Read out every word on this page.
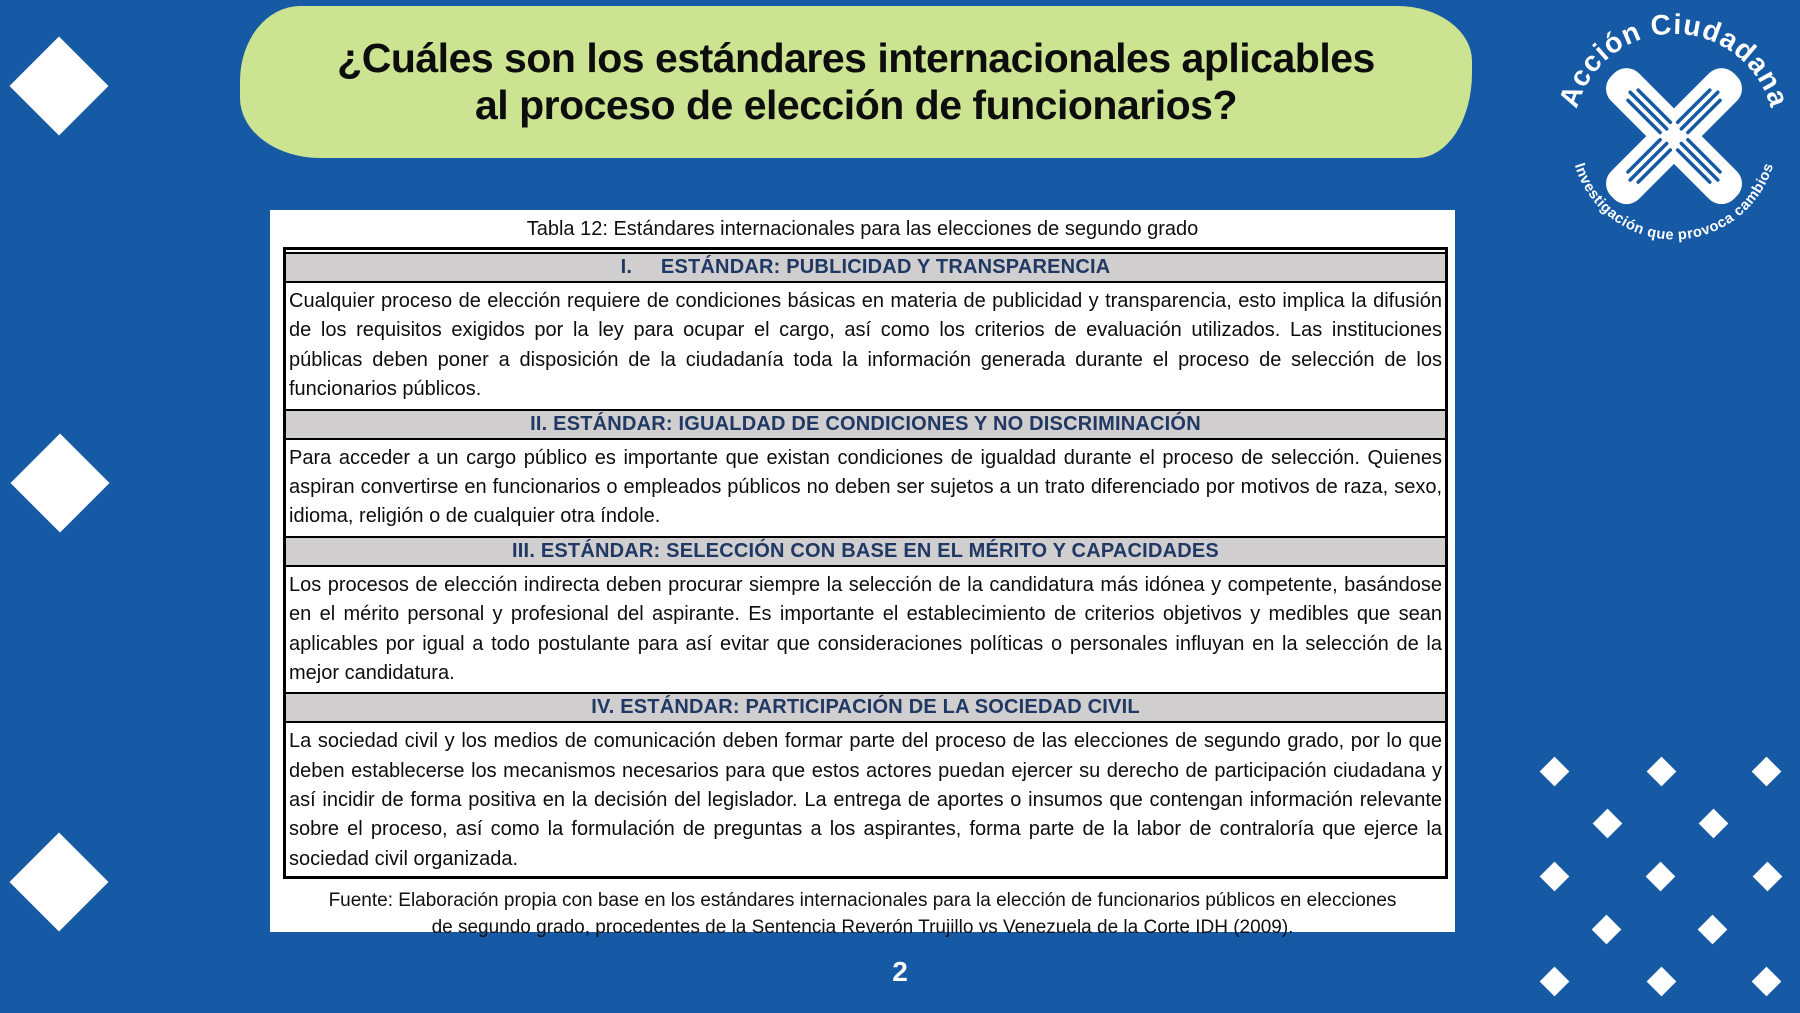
¿Cuáles son los estándares internacionales aplicables
al proceso de elección de funcionarios?	Acción Ciudadana
Investigación que provoca cambios
Tabla 12: Estándares internacionales para las elecciones de segundo grado
I.     ESTÁNDAR: PUBLICIDAD Y TRANSPARENCIA
Cualquier proceso de elección requiere de condiciones básicas en materia de publicidad y transparencia, esto implica la difusión de los requisitos exigidos por la ley para ocupar el cargo, así como los criterios de evaluación utilizados. Las instituciones públicas deben poner a disposición de la ciudadanía toda la información generada durante el proceso de selección de los funcionarios públicos.
II. ESTÁNDAR: IGUALDAD DE CONDICIONES Y NO DISCRIMINACIÓN
Para acceder a un cargo público es importante que existan condiciones de igualdad durante el proceso de selección. Quienes aspiran convertirse en funcionarios o empleados públicos no deben ser sujetos a un trato diferenciado por motivos de raza, sexo, idioma, religión o de cualquier otra índole.
III. ESTÁNDAR: SELECCIÓN CON BASE EN EL MÉRITO Y CAPACIDADES
Los procesos de elección indirecta deben procurar siempre la selección de la candidatura más idónea y competente, basándose en el mérito personal y profesional del aspirante. Es importante el establecimiento de criterios objetivos y medibles que sean aplicables por igual a todo postulante para así evitar que consideraciones políticas o personales influyan en la selección de la mejor candidatura.
IV. ESTÁNDAR: PARTICIPACIÓN DE LA SOCIEDAD CIVIL
La sociedad civil y los medios de comunicación deben formar parte del proceso de las elecciones de segundo grado, por lo que deben establecerse los mecanismos necesarios para que estos actores puedan ejercer su derecho de participación ciudadana y así incidir de forma positiva en la decisión del legislador. La entrega de aportes o insumos que contengan información relevante sobre el proceso, así como la formulación de preguntas a los aspirantes, forma parte de la labor de contraloría que ejerce la sociedad civil organizada.
Fuente: Elaboración propia con base en los estándares internacionales para la elección de funcionarios públicos en elecciones de segundo grado, procedentes de la Sentencia Reverón Trujillo vs Venezuela de la Corte IDH (2009).
2
